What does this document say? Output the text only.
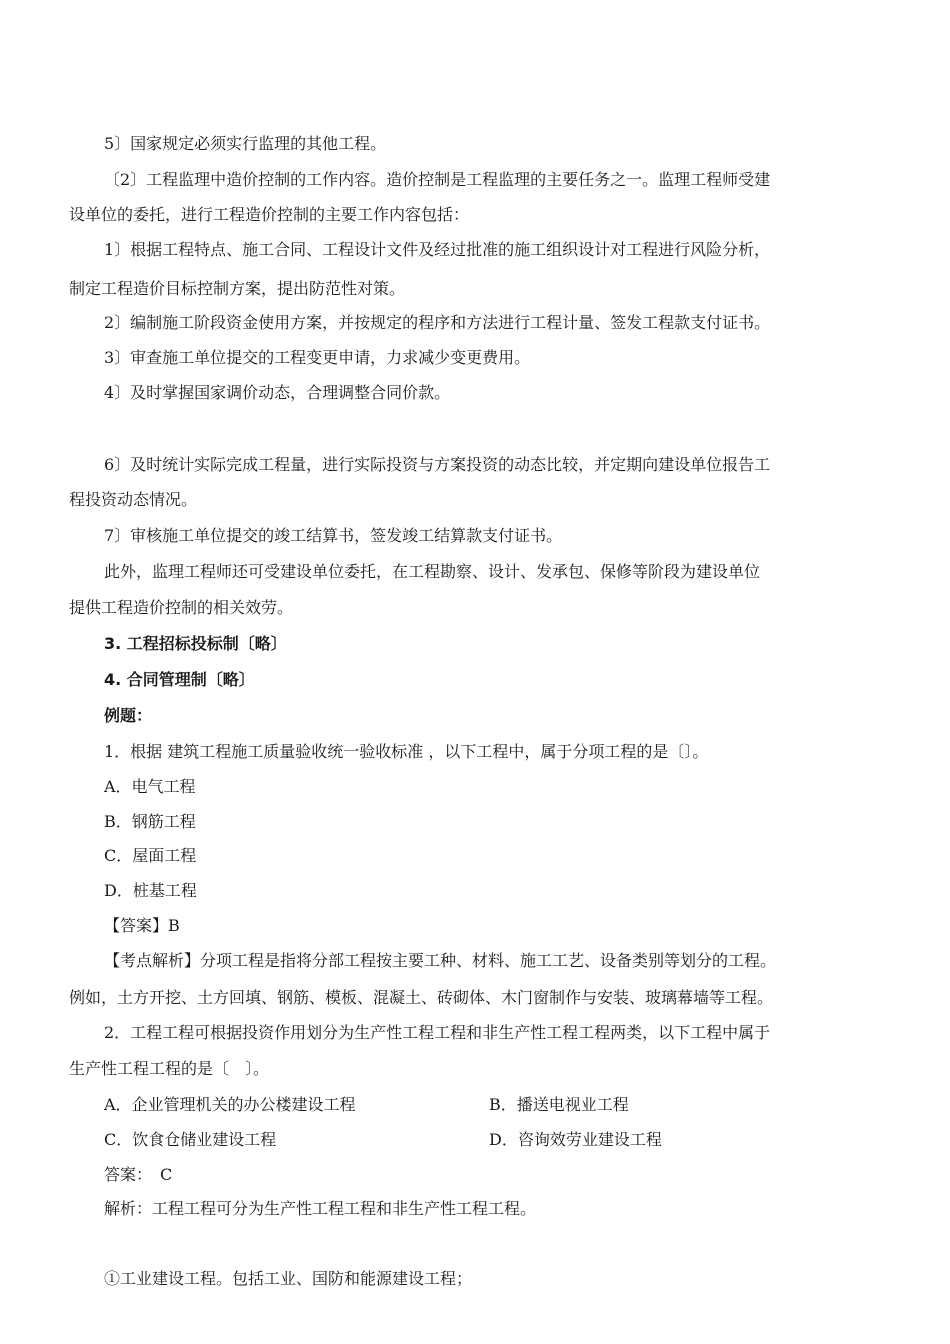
5〕国家规定必须实行监理的其他工程。
〔2〕工程监理中造价控制的工作内容。造价控制是工程监理的主要任务之一。监理工程师受建
设单位的委托，进行工程造价控制的主要工作内容包括：
1〕根据工程特点、施工合同、工程设计文件及经过批准的施工组织设计对工程进行风险分析，
制定工程造价目标控制方案，提出防范性对策。
2〕编制施工阶段资金使用方案，并按规定的程序和方法进行工程计量、签发工程款支付证书。
3〕审查施工单位提交的工程变更申请，力求减少变更费用。
4〕及时掌握国家调价动态，合理调整合同价款。
6〕及时统计实际完成工程量，进行实际投资与方案投资的动态比较，并定期向建设单位报告工
程投资动态情况。
7〕审核施工单位提交的竣工结算书，签发竣工结算款支付证书。
此外，监理工程师还可受建设单位委托，在工程勘察、设计、发承包、保修等阶段为建设单位
提供工程造价控制的相关效劳。
3. 工程招标投标制〔略〕
4. 合同管理制〔略〕
例题：
1．根据 建筑工程施工质量验收统一验收标准 ，以下工程中，属于分项工程的是〔〕。
A．电气工程
B．钢筋工程
C．屋面工程
D．桩基工程
【答案】B
【考点解析】分项工程是指将分部工程按主要工种、材料、施工工艺、设备类别等划分的工程。
例如，土方开挖、土方回填、钢筋、模板、混凝土、砖砌体、木门窗制作与安装、玻璃幕墙等工程。
2．工程工程可根据投资作用划分为生产性工程工程和非生产性工程工程两类，以下工程中属于
生产性工程工程的是〔　〕。
A．企业管理机关的办公楼建设工程	B．播送电视业工程
C．饮食仓储业建设工程	D．咨询效劳业建设工程
答案：　C
解析：工程工程可分为生产性工程工程和非生产性工程工程。
①工业建设工程。包括工业、国防和能源建设工程；
